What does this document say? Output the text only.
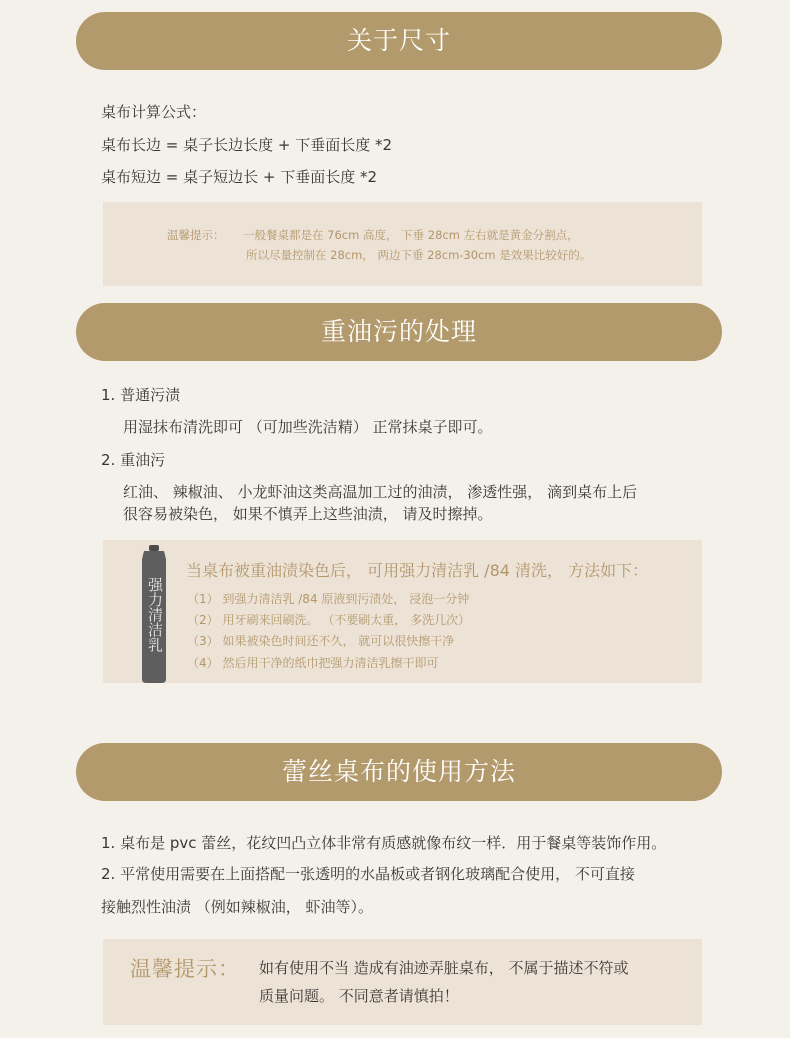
关于尺寸
桌布计算公式：
桌布长边 = 桌子长边长度 + 下垂面长度 *2
桌布短边 = 桌子短边长 + 下垂面长度 *2
温馨提示： 一般餐桌都是在 76cm 高度， 下垂 28cm 左右就是黄金分割点，
所以尽量控制在 28cm， 两边下垂 28cm-30cm 是效果比较好的。
重油污的处理
1. 普通污渍
用湿抹布清洗即可 （可加些洗洁精） 正常抹桌子即可。
2. 重油污
红油、 辣椒油、 小龙虾油这类高温加工过的油渍， 渗透性强， 滴到桌布上后
很容易被染色， 如果不慎弄上这些油渍， 请及时擦掉。
强力清洁乳
当桌布被重油渍染色后， 可用强力清洁乳 /84 清洗， 方法如下：
（1） 到强力清洁乳 /84 原液到污渍处， 浸泡一分钟
（2） 用牙刷来回刷洗。 （不要刷太重， 多洗几次）
（3） 如果被染色时间还不久， 就可以很快擦干净
（4） 然后用干净的纸巾把强力清洁乳擦干即可
蕾丝桌布的使用方法
1. 桌布是 pvc 蕾丝，花纹凹凸立体非常有质感就像布纹一样．用于餐桌等装饰作用。
2. 平常使用需要在上面搭配一张透明的水晶板或者钢化玻璃配合使用， 不可直接
接触烈性油渍 （例如辣椒油， 虾油等）。
温馨提示： 如有使用不当 造成有油迹弄脏桌布， 不属于描述不符或
质量问题。 不同意者请慎拍！
